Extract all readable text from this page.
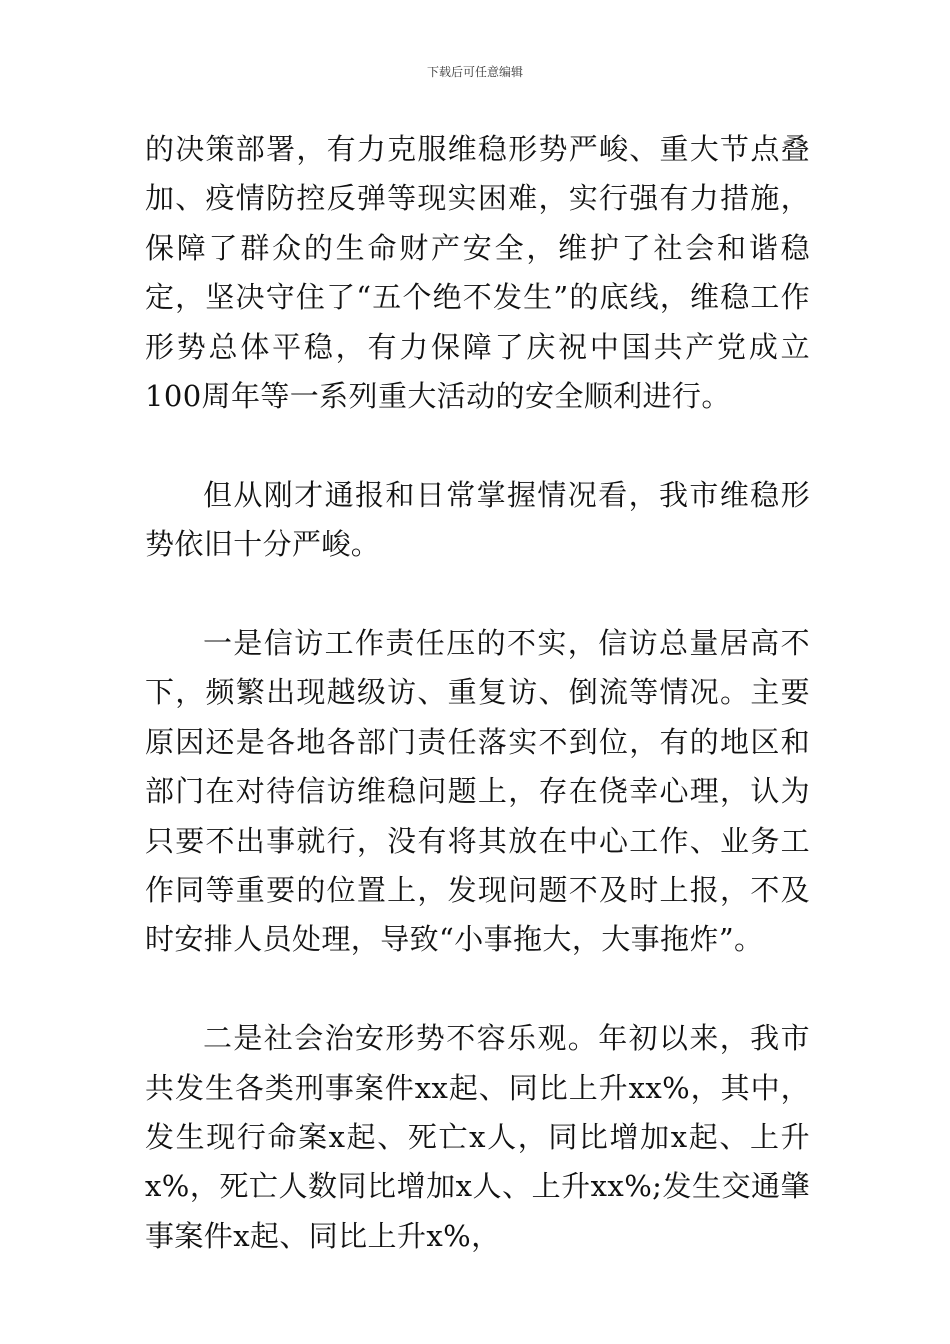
下载后可任意编辑

的决策部署，有力克服维稳形势严峻、重大节点叠加、疫情防控反弹等现实困难，实行强有力措施，保障了群众的生命财产安全，维护了社会和谐稳定，坚决守住了“五个绝不发生”的底线，维稳工作形势总体平稳，有力保障了庆祝中国共产党成立100周年等一系列重大活动的安全顺利进行。

但从刚才通报和日常掌握情况看，我市维稳形势依旧十分严峻。

一是信访工作责任压的不实，信访总量居高不下，频繁出现越级访、重复访、倒流等情况。主要原因还是各地各部门责任落实不到位，有的地区和部门在对待信访维稳问题上，存在侥幸心理，认为只要不出事就行，没有将其放在中心工作、业务工作同等重要的位置上，发现问题不及时上报，不及时安排人员处理，导致“小事拖大，大事拖炸”。

二是社会治安形势不容乐观。年初以来，我市共发生各类刑事案件xx起、同比上升xx%，其中，发生现行命案x起、死亡x人，同比增加x起、上升x%，死亡人数同比增加x人、上升xx%;发生交通肇事案件x起、同比上升x%，
